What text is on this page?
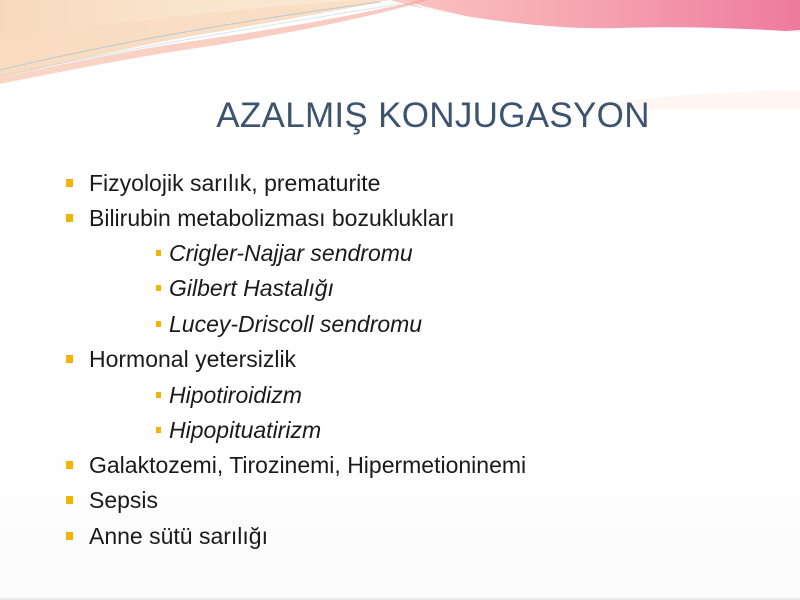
AZALMIŞ KONJUGASYON
Fizyolojik sarılık, prematurite
Bilirubin metabolizması bozuklukları
Crigler-Najjar sendromu
Gilbert Hastalığı
Lucey-Driscoll sendromu
Hormonal yetersizlik
Hipotiroidizm
Hipopituatirizm
Galaktozemi, Tirozinemi, Hipermetioninemi
Sepsis
Anne sütü sarılığı
